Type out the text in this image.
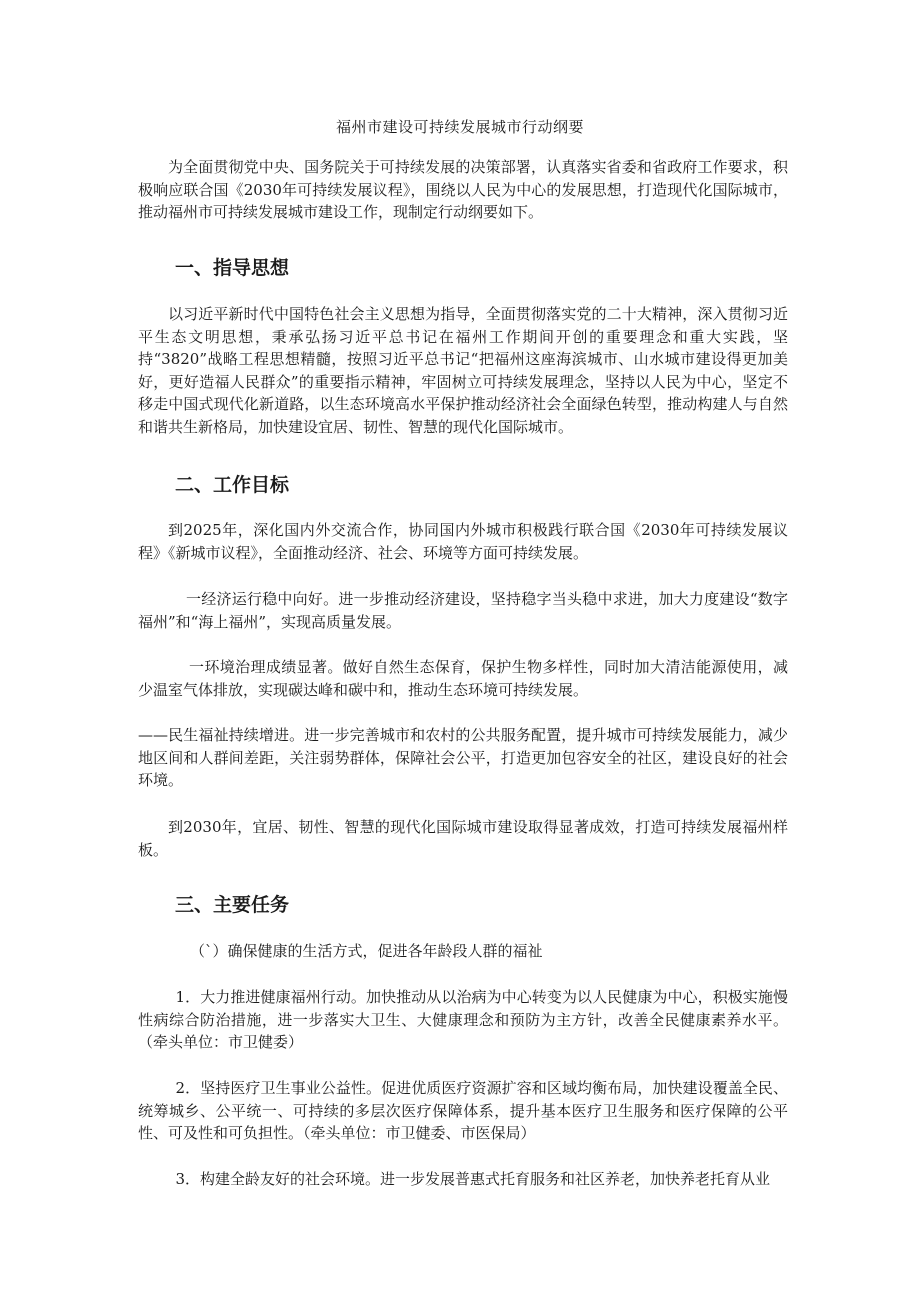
福州市建设可持续发展城市行动纲要

为全面贯彻党中央、国务院关于可持续发展的决策部署，认真落实省委和省政府工作要求，积极响应联合国《2030年可持续发展议程》，围绕以人民为中心的发展思想，打造现代化国际城市，推动福州市可持续发展城市建设工作，现制定行动纲要如下。

一、指导思想

以习近平新时代中国特色社会主义思想为指导，全面贯彻落实党的二十大精神，深入贯彻习近平生态文明思想，秉承弘扬习近平总书记在福州工作期间开创的重要理念和重大实践，坚持“3820”战略工程思想精髓，按照习近平总书记“把福州这座海滨城市、山水城市建设得更加美好，更好造福人民群众”的重要指示精神，牢固树立可持续发展理念，坚持以人民为中心，坚定不移走中国式现代化新道路，以生态环境高水平保护推动经济社会全面绿色转型，推动构建人与自然和谐共生新格局，加快建设宜居、韧性、智慧的现代化国际城市。

二、工作目标

到2025年，深化国内外交流合作，协同国内外城市积极践行联合国《2030年可持续发展议程》《新城市议程》，全面推动经济、社会、环境等方面可持续发展。

一经济运行稳中向好。进一步推动经济建设，坚持稳字当头稳中求进，加大力度建设“数字福州”和“海上福州”，实现高质量发展。

一环境治理成绩显著。做好自然生态保育，保护生物多样性，同时加大清洁能源使用，减少温室气体排放，实现碳达峰和碳中和，推动生态环境可持续发展。

——民生福祉持续增进。进一步完善城市和农村的公共服务配置，提升城市可持续发展能力，减少地区间和人群间差距，关注弱势群体，保障社会公平，打造更加包容安全的社区，建设良好的社会环境。

到2030年，宜居、韧性、智慧的现代化国际城市建设取得显著成效，打造可持续发展福州样板。

三、主要任务

（`）确保健康的生活方式，促进各年龄段人群的福祉

1．大力推进健康福州行动。加快推动从以治病为中心转变为以人民健康为中心，积极实施慢性病综合防治措施，进一步落实大卫生、大健康理念和预防为主方针，改善全民健康素养水平。（牵头单位：市卫健委）

2．坚持医疗卫生事业公益性。促进优质医疗资源扩容和区域均衡布局，加快建设覆盖全民、统筹城乡、公平统一、可持续的多层次医疗保障体系，提升基本医疗卫生服务和医疗保障的公平性、可及性和可负担性。（牵头单位：市卫健委、市医保局）

3．构建全龄友好的社会环境。进一步发展普惠式托育服务和社区养老，加快养老托育从业
